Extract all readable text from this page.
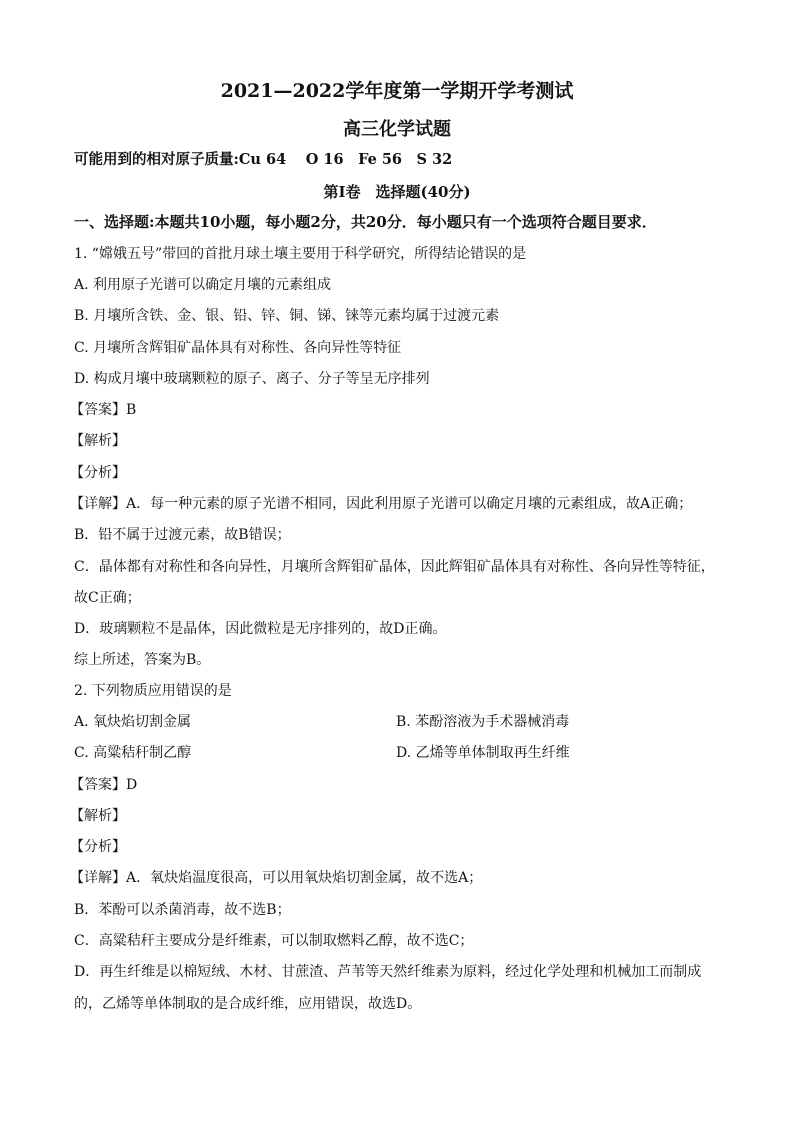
2021—2022学年度第一学期开学考测试
高三化学试题
可能用到的相对原子质量:Cu 64　 O 16　Fe 56　S 32
第Ⅰ卷　选择题(40分)
一、选择题:本题共10小题，每小题2分，共20分．每小题只有一个选项符合题目要求．
1. “嫦娥五号”带回的首批月球土壤主要用于科学研究，所得结论错误的是
A. 利用原子光谱可以确定月壤的元素组成
B. 月壤所含铁、金、银、铅、锌、铜、锑、铼等元素均属于过渡元素
C. 月壤所含辉钼矿晶体具有对称性、各向异性等特征
D. 构成月壤中玻璃颗粒的原子、离子、分子等呈无序排列
【答案】B
【解析】
【分析】
【详解】A．每一种元素的原子光谱不相同，因此利用原子光谱可以确定月壤的元素组成，故A正确；
B．铅不属于过渡元素，故B错误；
C．晶体都有对称性和各向异性，月壤所含辉钼矿晶体，因此辉钼矿晶体具有对称性、各向异性等特征，
故C正确；
D．玻璃颗粒不是晶体，因此微粒是无序排列的，故D正确。
综上所述，答案为B。
2. 下列物质应用错误的是
A. 氧炔焰切割金属	B. 苯酚溶液为手术器械消毒
C. 高粱秸秆制乙醇	D. 乙烯等单体制取再生纤维
【答案】D
【解析】
【分析】
【详解】A．氧炔焰温度很高，可以用氧炔焰切割金属，故不选A；
B．苯酚可以杀菌消毒，故不选B；
C．高粱秸秆主要成分是纤维素，可以制取燃料乙醇，故不选C；
D．再生纤维是以棉短绒、木材、甘蔗渣、芦苇等天然纤维素为原料，经过化学处理和机械加工而制成
的，乙烯等单体制取的是合成纤维，应用错误，故选D。
